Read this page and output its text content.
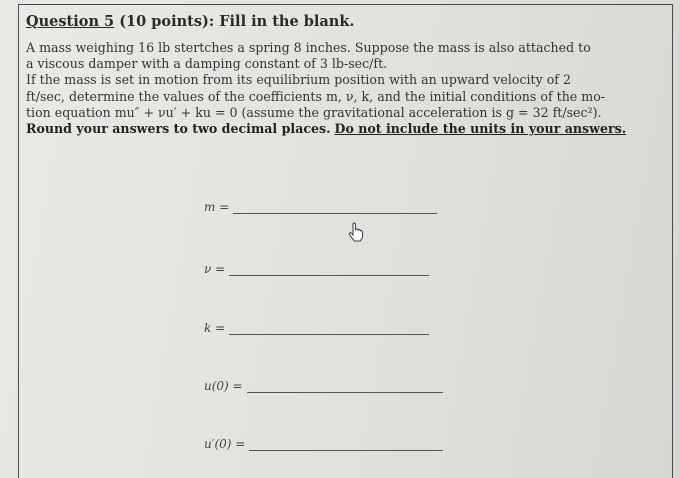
Question 5 (10 points): Fill in the blank.
A mass weighing 16 lb stertches a spring 8 inches. Suppose the mass is also attached to
a viscous damper with a damping constant of 3 lb-sec/ft.
If the mass is set in motion from its equilibrium position with an upward velocity of 2
ft/sec, determine the values of the coefficients m, ν, k, and the initial conditions of the mo-
tion equation mu″ + νu′ + ku = 0 (assume the gravitational acceleration is g = 32 ft/sec²).
Round your answers to two decimal places. Do not include the units in your answers.
m =
ν =
k =
u(0) =
u′(0) =
